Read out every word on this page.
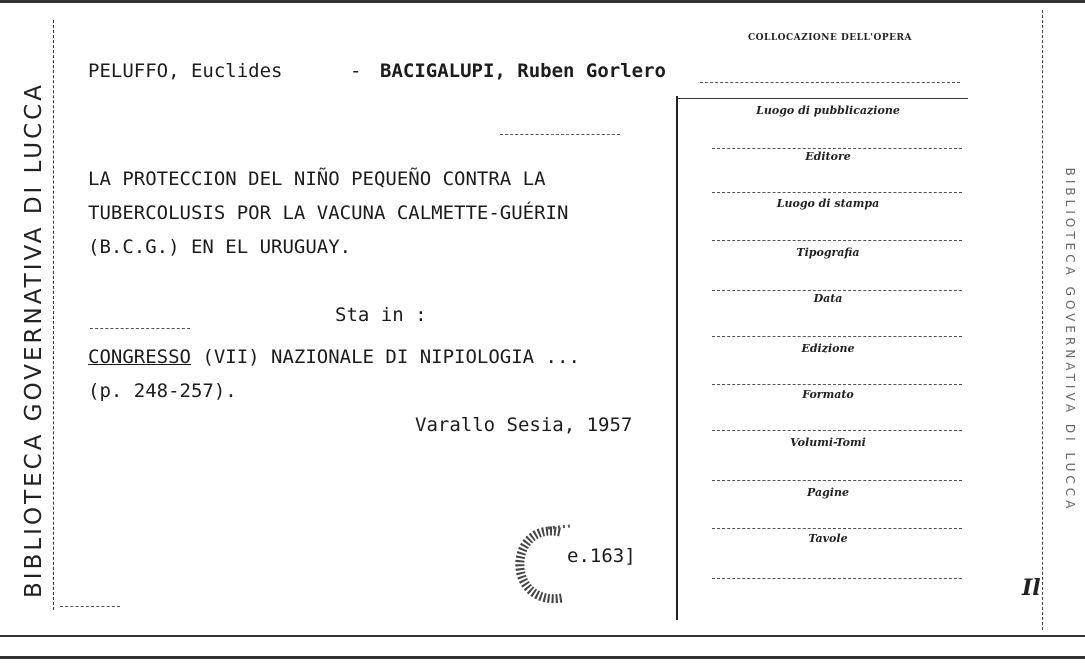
BIBLIOTECA GOVERNATIVA DI LUCCA
PELUFFO, Euclides	- BACIGALUPI, Ruben Gorlero
LA PROTECCION DEL NIÑO PEQUEÑO CONTRA LA
TUBERCOLUSIS POR LA VACUNA CALMETTE-GUÉRIN
(B.C.G.) EN EL URUGUAY.
Sta in :
CONGRESSO (VII) NAZIONALE DI NIPIOLOGIA ...
(p. 248-257).
Varallo Sesia, 1957
e.163]
COLLOCAZIONE DELL'OPERA
Luogo di pubblicazione
Editore
Luogo di stampa
Tipografia
Data
Edizione
Formato
Volumi-Tomi
Pagine
Tavole
Il
BIBLIOTECA GOVERNATIVA DI LUCCA
